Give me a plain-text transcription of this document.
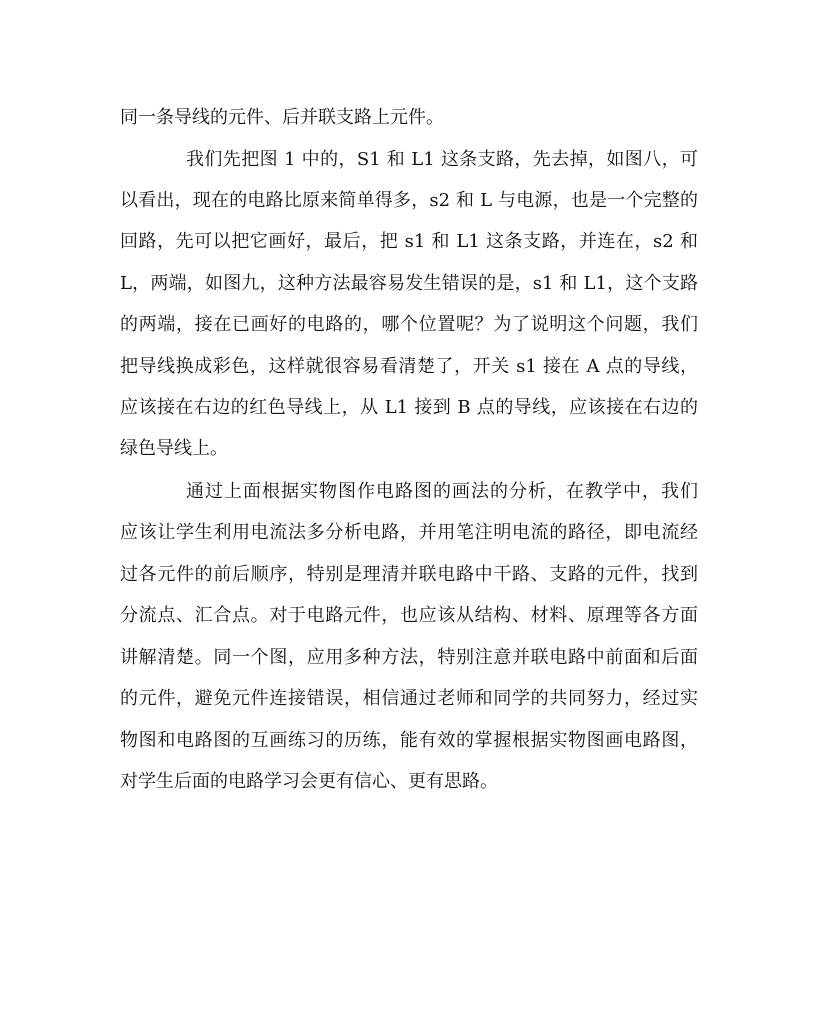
同一条导线的元件、后并联支路上元件。
我们先把图 1 中的，S1 和 L1 这条支路，先去掉，如图八，可
以看出，现在的电路比原来简单得多，s2 和 L 与电源，也是一个完整的
回路，先可以把它画好，最后，把 s1 和 L1 这条支路，并连在，s2 和
L，两端，如图九，这种方法最容易发生错误的是，s1 和 L1，这个支路
的两端，接在已画好的电路的，哪个位置呢？为了说明这个问题，我们
把导线换成彩色，这样就很容易看清楚了，开关 s1 接在 A 点的导线，
应该接在右边的红色导线上，从 L1 接到 B 点的导线，应该接在右边的
绿色导线上。
通过上面根据实物图作电路图的画法的分析，在教学中，我们
应该让学生利用电流法多分析电路，并用笔注明电流的路径，即电流经
过各元件的前后顺序，特别是理清并联电路中干路、支路的元件，找到
分流点、汇合点。对于电路元件，也应该从结构、材料、原理等各方面
讲解清楚。同一个图，应用多种方法，特别注意并联电路中前面和后面
的元件，避免元件连接错误，相信通过老师和同学的共同努力，经过实
物图和电路图的互画练习的历练，能有效的掌握根据实物图画电路图，
对学生后面的电路学习会更有信心、更有思路。
